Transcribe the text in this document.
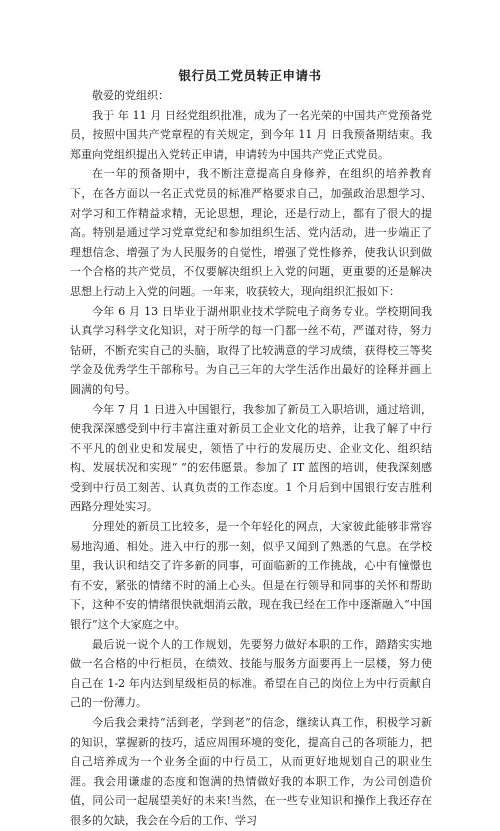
银行员工党员转正申请书

敬爱的党组织：

我于 年 11 月 日经党组织批准，成为了一名光荣的中国共产党预备党员，按照中国共产党章程的有关规定，到今年 11 月 日我预备期结束。我郑重向党组织提出入党转正申请，申请转为中国共产党正式党员。

在一年的预备期中，我不断注意提高自身修养，在组织的培养教育下，在各方面以一名正式党员的标准严格要求自己，加强政治思想学习、对学习和工作精益求精，无论思想，理论，还是行动上，都有了很大的提高。特别是通过学习党章党纪和参加组织生活、党内活动，进一步端正了理想信念、增强了为人民服务的自觉性，增强了党性修养，使我认识到做一个合格的共产党员，不仅要解决组织上入党的问题，更重要的还是解决思想上行动上入党的问题。一年来，收获较大，现向组织汇报如下：

今年 6 月 13 日毕业于湖州职业技术学院电子商务专业。学校期间我认真学习科学文化知识，对于所学的每一门都一丝不苟，严谨对待，努力钻研，不断充实自己的头脑，取得了比较满意的学习成绩，获得校三等奖学金及优秀学生干部称号。为自己三年的大学生活作出最好的诠释并画上圆满的句号。

今年 7 月 1 日进入中国银行，我参加了新员工入职培训，通过培训，使我深深感受到中行丰富注重对新员工企业文化的培养，让我了解了中行不平凡的创业史和发展史，领悟了中行的发展历史、企业文化、组织结构、发展状况和实现“ ”的宏伟愿景。参加了 IT 蓝图的培训，使我深刻感受到中行员工刻苦、认真负责的工作态度。1 个月后到中国银行安吉胜利西路分理处实习。

分理处的新员工比较多，是一个年轻化的网点，大家彼此能够非常容易地沟通、相处。进入中行的那一刻，似乎又闻到了熟悉的气息。在学校里，我认识和结交了许多新的同事，可面临新的工作挑战，心中有憧憬也有不安，紧张的情绪不时的涌上心头。但是在行领导和同事的关怀和帮助下，这种不安的情绪很快就烟消云散，现在我已经在工作中逐渐融入“中国银行”这个大家庭之中。

最后说一说个人的工作规划，先要努力做好本职的工作，踏踏实实地做一名合格的中行柜员，在绩效、技能与服务方面要再上一层楼，努力使自己在 1-2 年内达到星级柜员的标准。希望在自己的岗位上为中行贡献自己的一份薄力。

今后我会秉持“活到老，学到老”的信念，继续认真工作，积极学习新的知识，掌握新的技巧，适应周围环境的变化，提高自己的各项能力，把自己培养成为一个业务全面的中行员工，从而更好地规划自己的职业生涯。我会用谦虚的态度和饱满的热情做好我的本职工作，为公司创造价值，同公司一起展望美好的未来!当然，在一些专业知识和操作上我还存在很多的欠缺，我会在今后的工作、学习
